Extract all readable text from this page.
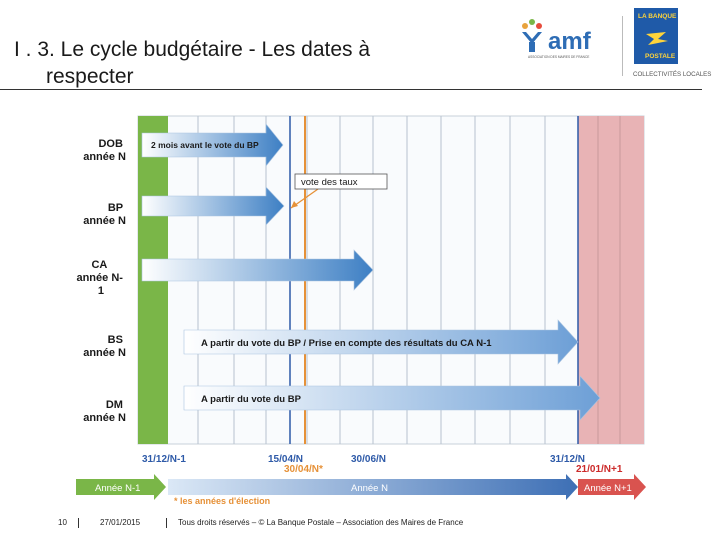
I . 3. Le cycle budgétaire - Les dates à
respecter
amf
ASSOCIATION DES MAIRES DE FRANCE
LA BANQUE
POSTALE
COLLECTIVITÉS LOCALES
DOB année N
BP année N
CA année N- 1
BS année N
DM année N
2 mois avant le vote du BP
A partir du vote du BP / Prise en compte des résultats du CA N-1
A partir du vote du BP
vote des taux
31/12/N-1	15/04/N
30/04/N*
30/06/N	31/12/N
21/01/N+1
Année N-1	Année N	Année N+1
* les années d'élection
10	27/01/2015	Tous droits réservés – © La Banque Postale – Association des Maires de France
